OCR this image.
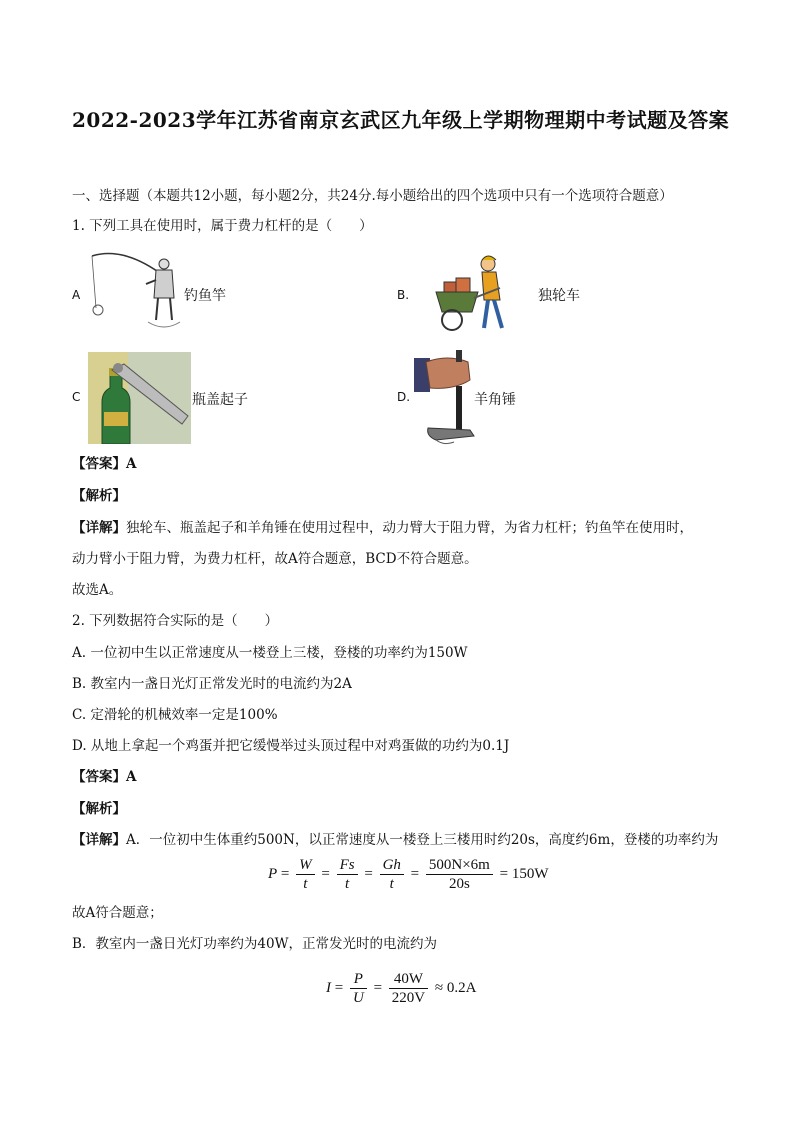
2022-2023学年江苏省南京玄武区九年级上学期物理期中考试题及答案
一、选择题（本题共12小题，每小题2分，共24分.每小题给出的四个选项中只有一个选项符合题意）
1. 下列工具在使用时，属于费力杠杆的是（　　）
A	钓鱼竿	B.	独轮车
C	瓶盖起子	D.	羊角锤
【答案】A
【解析】
【详解】独轮车、瓶盖起子和羊角锤在使用过程中，动力臂大于阻力臂，为省力杠杆；钓鱼竿在使用时，
动力臂小于阻力臂，为费力杠杆，故A符合题意，BCD不符合题意。
故选A。
2. 下列数据符合实际的是（　　）
A. 一位初中生以正常速度从一楼登上三楼，登楼的功率约为150W
B. 教室内一盏日光灯正常发光时的电流约为2A
C. 定滑轮的机械效率一定是100%
D. 从地上拿起一个鸡蛋并把它缓慢举过头顶过程中对鸡蛋做的功约为0.1J
【答案】A
【解析】
【详解】A．一位初中生体重约500N，以正常速度从一楼登上三楼用时约20s，高度约6m，登楼的功率约为
$P = \frac{W}{t} = \frac{Fs}{t} = \frac{Gh}{t} = \frac{500N\times 6m}{20s} = 150W$
故A符合题意；
B．教室内一盏日光灯功率约为40W，正常发光时的电流约为
$I = \frac{P}{U} = \frac{40W}{220V} \approx 0.2A$
